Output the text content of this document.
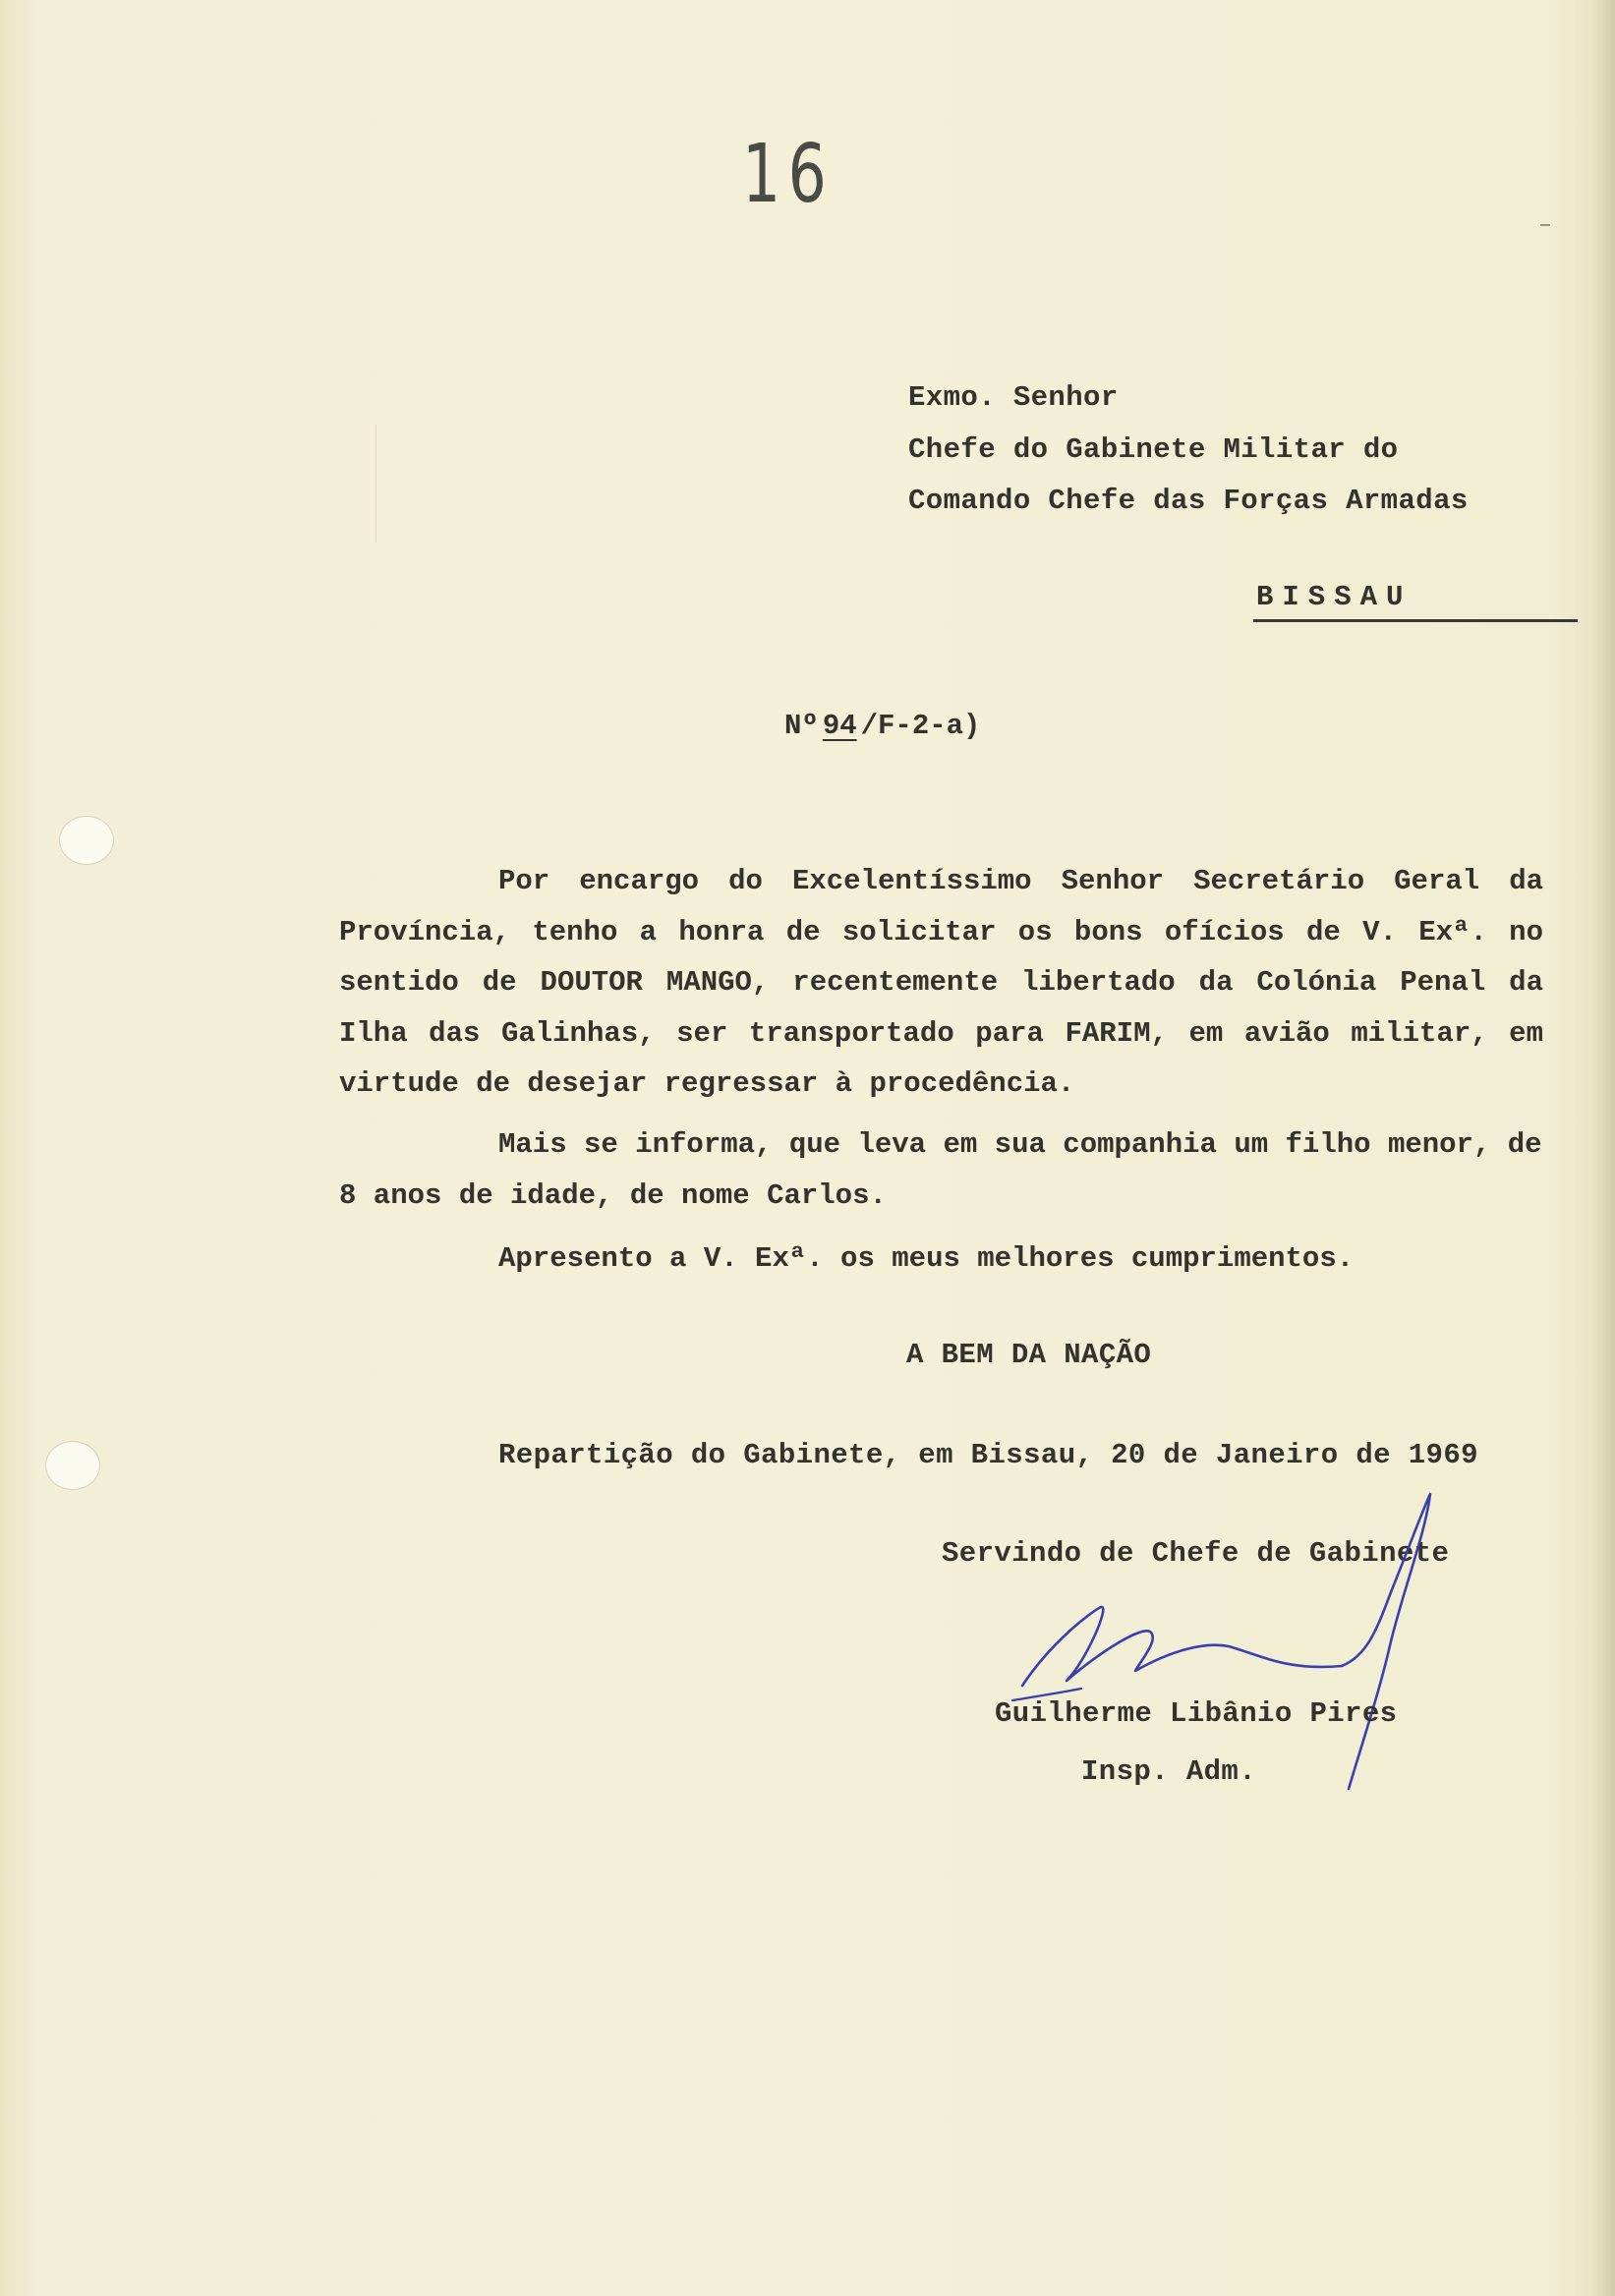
16
Exmo. Senhor
Chefe do Gabinete Militar do
Comando Chefe das Forças Armadas
BISSAU
Nº 94 /F-2-a)
Por encargo do Excelentíssimo Senhor Secretário Geral da Província, tenho a honra de solicitar os bons ofícios de V. Exª. no sentido de DOUTOR MANGO, recentemente libertado da Colónia Penal da Ilha das Galinhas, ser transportado para FARIM, em avião militar, em virtude de desejar regressar à procedência.
Mais se informa, que leva em sua companhia um filho menor, de 8 anos de idade, de nome Carlos.
Apresento a V. Exª. os meus melhores cumprimentos.
A BEM DA NAÇÃO
Repartição do Gabinete, em Bissau, 20 de Janeiro de 1969
Servindo de Chefe de Gabinete
Guilherme Libânio Pires
Insp. Adm.
